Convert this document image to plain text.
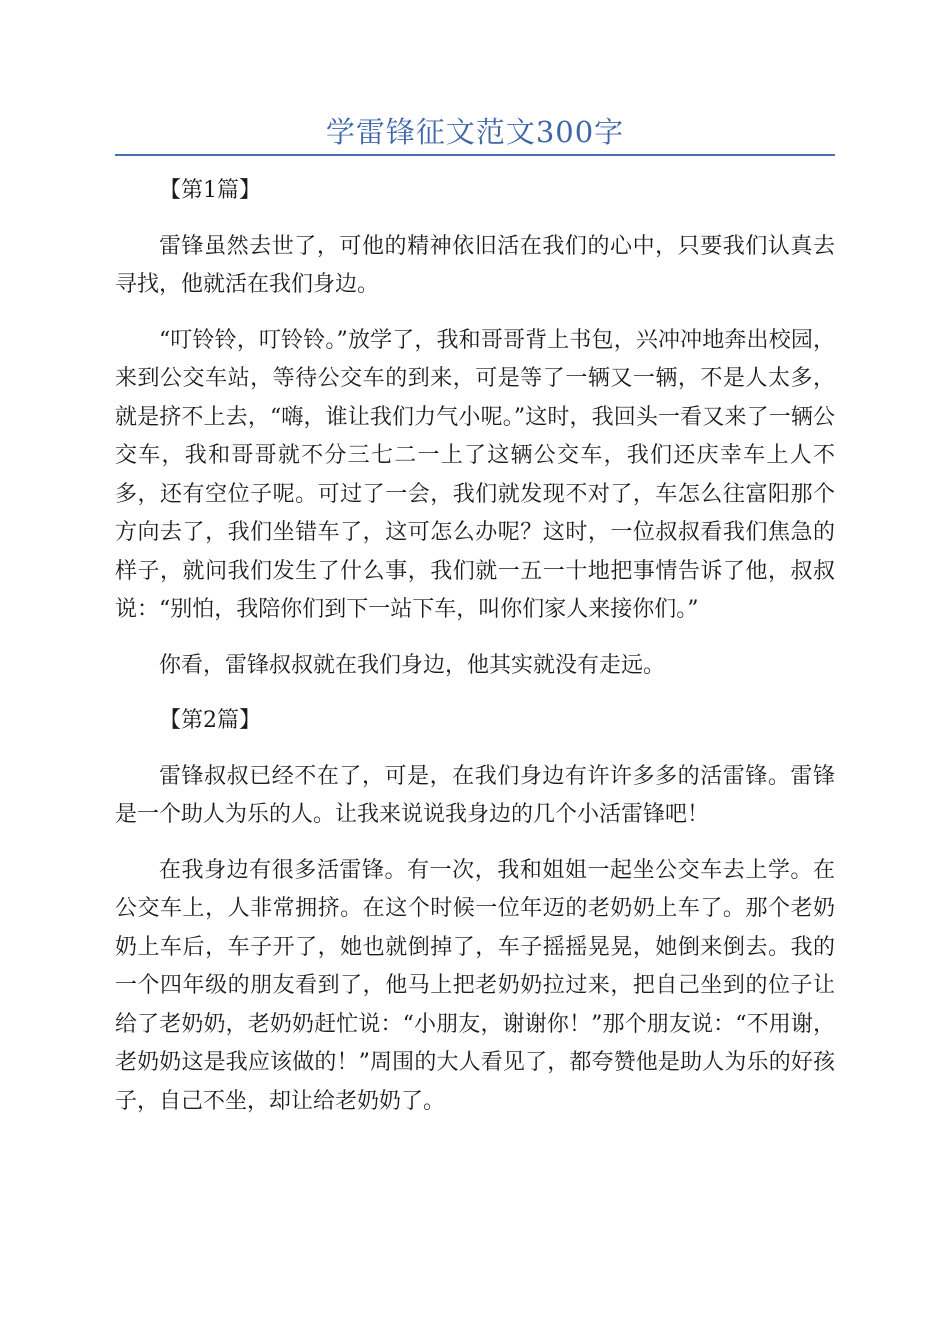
学雷锋征文范文300字

【第1篇】

雷锋虽然去世了，可他的精神依旧活在我们的心中，只要我们认真去寻找，他就活在我们身边。

“叮铃铃，叮铃铃。”放学了，我和哥哥背上书包，兴冲冲地奔出校园，来到公交车站，等待公交车的到来，可是等了一辆又一辆，不是人太多，就是挤不上去，“嗨，谁让我们力气小呢。”这时，我回头一看又来了一辆公交车，我和哥哥就不分三七二一上了这辆公交车，我们还庆幸车上人不多，还有空位子呢。可过了一会，我们就发现不对了，车怎么往富阳那个方向去了，我们坐错车了，这可怎么办呢？这时，一位叔叔看我们焦急的样子，就问我们发生了什么事，我们就一五一十地把事情告诉了他，叔叔说：“别怕，我陪你们到下一站下车，叫你们家人来接你们。”

你看，雷锋叔叔就在我们身边，他其实就没有走远。

【第2篇】

雷锋叔叔已经不在了，可是，在我们身边有许许多多的活雷锋。雷锋是一个助人为乐的人。让我来说说我身边的几个小活雷锋吧！

在我身边有很多活雷锋。有一次，我和姐姐一起坐公交车去上学。在公交车上，人非常拥挤。在这个时候一位年迈的老奶奶上车了。那个老奶奶上车后，车子开了，她也就倒掉了，车子摇摇晃晃，她倒来倒去。我的一个四年级的朋友看到了，他马上把老奶奶拉过来，把自己坐到的位子让给了老奶奶，老奶奶赶忙说：“小朋友，谢谢你！”那个朋友说：“不用谢，老奶奶这是我应该做的！”周围的大人看见了，都夸赞他是助人为乐的好孩子，自己不坐，却让给老奶奶了。
